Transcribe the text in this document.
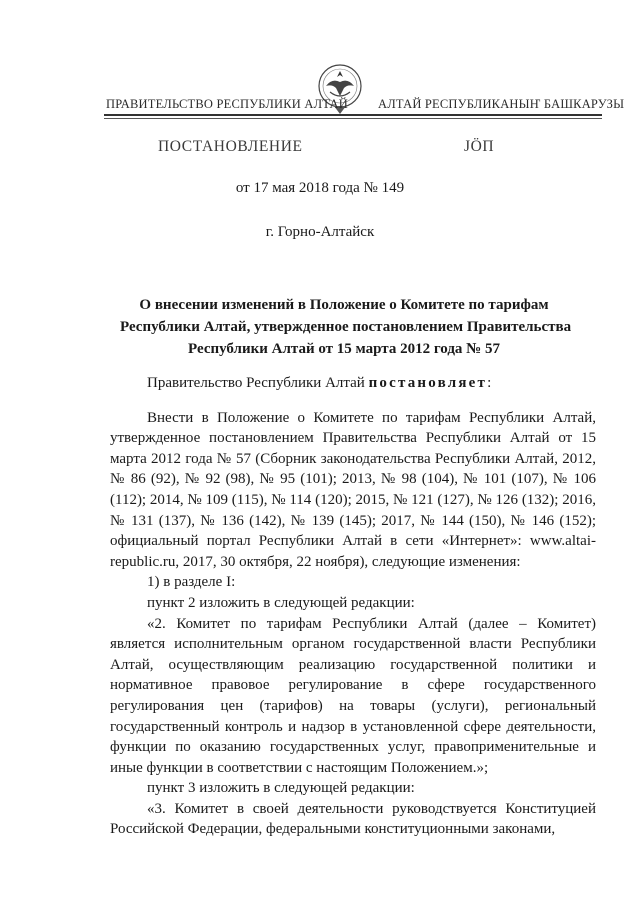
ПРАВИТЕЛЬСТВО РЕСПУБЛИКИ АЛТАЙ АЛТАЙ РЕСПУБЛИКАНЫҤ БАШКАРУЗЫ
ПОСТАНОВЛЕНИЕ	ЈӦП
от 17 мая 2018 года № 149
г. Горно-Алтайск
О внесении изменений в Положение о Комитете по тарифам
Республики Алтай, утвержденное постановлением Правительства
Республики Алтай от 15 марта 2012 года № 57

Правительство Республики Алтай постановляет:

Внести в Положение о Комитете по тарифам Республики Алтай, утвержденное постановлением Правительства Республики Алтай от 15 марта 2012 года № 57 (Сборник законодательства Республики Алтай, 2012, № 86 (92), № 92 (98), № 95 (101); 2013, № 98 (104), № 101 (107), № 106 (112); 2014, № 109 (115), № 114 (120); 2015, № 121 (127), № 126 (132); 2016, № 131 (137), № 136 (142), № 139 (145); 2017, № 144 (150), № 146 (152); официальный портал Республики Алтай в сети «Интернет»: www.altai-republic.ru, 2017, 30 октября, 22 ноября), следующие изменения:

1) в разделе I:

пункт 2 изложить в следующей редакции:

«2. Комитет по тарифам Республики Алтай (далее – Комитет) является исполнительным органом государственной власти Республики Алтай, осуществляющим реализацию государственной политики и нормативное правовое регулирование в сфере государственного регулирования цен (тарифов) на товары (услуги), региональный государственный контроль и надзор в установленной сфере деятельности, функции по оказанию государственных услуг, правоприменительные и иные функции в соответствии с настоящим Положением.»;

пункт 3 изложить в следующей редакции:

«3. Комитет в своей деятельности руководствуется Конституцией Российской Федерации, федеральными конституционными законами,
